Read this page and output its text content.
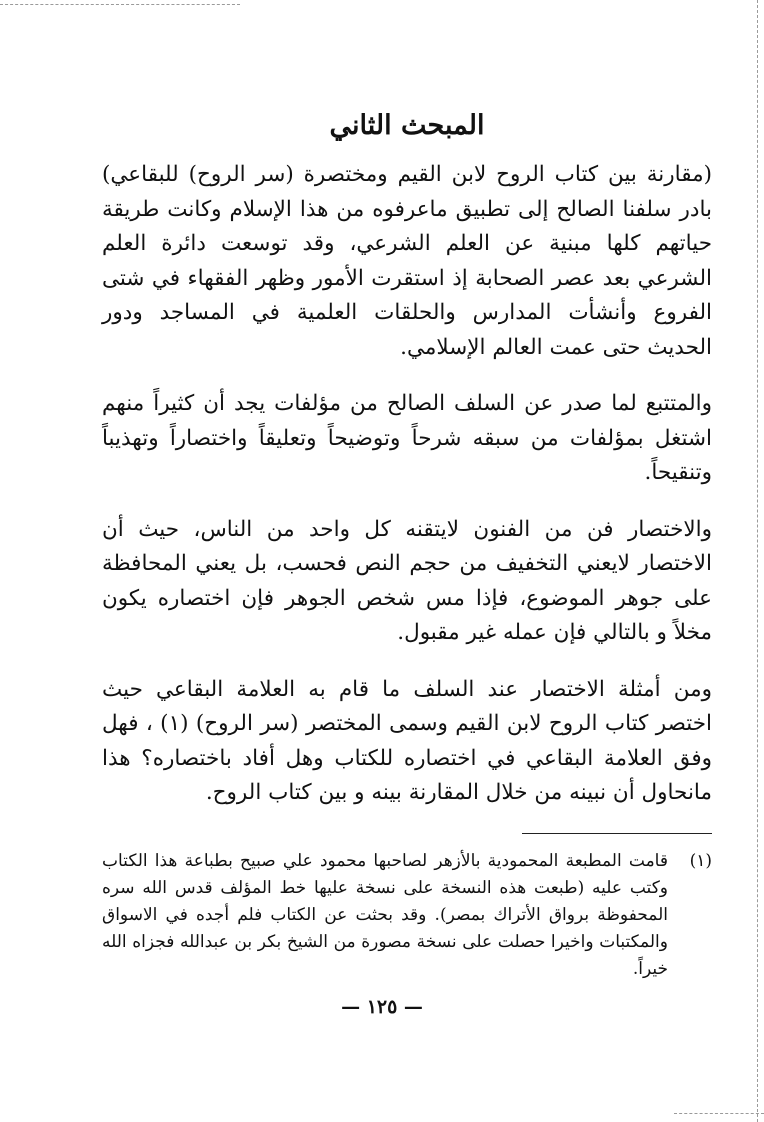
المبحث الثاني

(مقارنة بين كتاب الروح لابن القيم ومختصرة (سر الروح) للبقاعي) بادر سلفنا الصالح إلى تطبيق ماعرفوه من هذا الإسلام وكانت طريقة حياتهم كلها مبنية عن العلم الشرعي، وقد توسعت دائرة العلم الشرعي بعد عصر الصحابة إذ استقرت الأمور وظهر الفقهاء في شتى الفروع وأنشأت المدارس والحلقات العلمية في المساجد ودور الحديث حتى عمت العالم الإسلامي.

والمتتبع لما صدر عن السلف الصالح من مؤلفات يجد أن كثيراً منهم اشتغل بمؤلفات من سبقه شرحاً وتوضيحاً وتعليقاً واختصاراً وتهذيباً وتنقيحاً.

والاختصار فن من الفنون لايتقنه كل واحد من الناس، حيث أن الاختصار لايعني التخفيف من حجم النص فحسب، بل يعني المحافظة على جوهر الموضوع، فإذا مس شخص الجوهر فإن اختصاره يكون مخلاً و بالتالي فإن عمله غير مقبول.

ومن أمثلة الاختصار عند السلف ما قام به العلامة البقاعي حيث اختصر كتاب الروح لابن القيم وسمى المختصر (سر الروح) (١) ، فهل وفق العلامة البقاعي في اختصاره للكتاب وهل أفاد باختصاره؟ هذا مانحاول أن نبينه من خلال المقارنة بينه و بين كتاب الروح.

(١)
قامت المطبعة المحمودية بالأزهر لصاحبها محمود علي صبيح بطباعة هذا الكتاب وكتب عليه (طبعت هذه النسخة على نسخة عليها خط المؤلف قدس الله سره المحفوظة برواق الأتراك بمصر). وقد بحثت عن الكتاب فلم أجده في الاسواق والمكتبات واخيرا حصلت على نسخة مصورة من الشيخ بكر بن عبدالله فجزاه الله خيراً.
— ١٢٥ —
